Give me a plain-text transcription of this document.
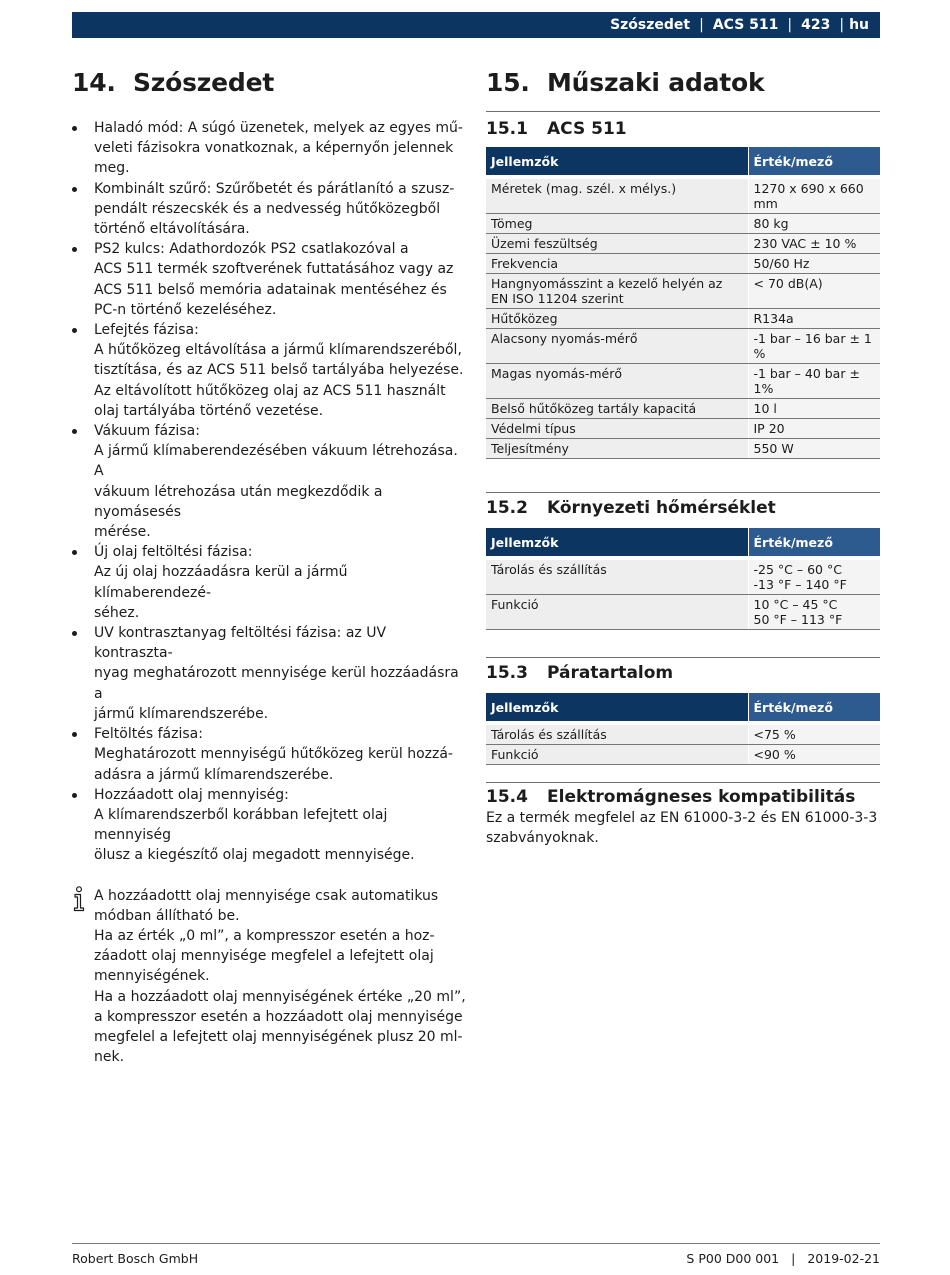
Szószedet | ACS 511 | 423 | hu
14. Szószedet
Haladó mód: A súgó üzenetek, melyek az egyes mű-
veleti fázisokra vonatkoznak, a képernyőn jelennek
meg.
Kombinált szűrő: Szűrőbetét és párátlanító a szusz-
pendált részecskék és a nedvesség hűtőközegből
történő eltávolítására.
PS2 kulcs: Adathordozók PS2 csatlakozóval a
ACS 511 termék szoftverének futtatásához vagy az
ACS 511 belső memória adatainak mentéséhez és
PC-n történő kezeléséhez.
Lefejtés fázisa:
A hűtőközeg eltávolítása a jármű klímarendszeréből,
tisztítása, és az ACS 511 belső tartályába helyezése.
Az eltávolított hűtőközeg olaj az ACS 511 használt
olaj tartályába történő vezetése.
Vákuum fázisa:
A jármű klímaberendezésében vákuum létrehozása. A
vákuum létrehozása után megkezdődik a nyomásesés
mérése.
Új olaj feltöltési fázisa:
Az új olaj hozzáadásra kerül a jármű klímaberendezé-
séhez.
UV kontrasztanyag feltöltési fázisa: az UV kontraszta-
nyag meghatározott mennyisége kerül hozzáadásra a
jármű klímarendszerébe.
Feltöltés fázisa:
Meghatározott mennyiségű hűtőközeg kerül hozzá-
adásra a jármű klímarendszerébe.
Hozzáadott olaj mennyiség:
A klímarendszerből korábban lefejtett olaj mennyiség
ölusz a kiegészítő olaj megadott mennyisége.

A hozzáadottt olaj mennyisége csak automatikus
módban állítható be.

Ha az érték „0 ml”, a kompresszor esetén a hoz-
záadott olaj mennyisége megfelel a lefejtett olaj
mennyiségének.

Ha a hozzáadott olaj mennyiségének értéke „20 ml”,
a kompresszor esetén a hozzáadott olaj mennyisége
megfelel a lefejtett olaj mennyiségének plusz 20 ml-
nek.

15. Műszaki adatok
15.1 ACS 511
Jellemzők	Érték/mező
Méretek (mag. szél. x mélys.)	1270 x 690 x 660 mm
Tömeg	80 kg
Üzemi feszültség	230 VAC ± 10 %
Frekvencia	50/60 Hz
Hangnyomásszint a kezelő helyén az EN ISO 11204 szerint	< 70 dB(A)
Hűtőközeg	R134a
Alacsony nyomás-mérő	-1 bar – 16 bar ± 1 %
Magas nyomás-mérő	-1 bar – 40 bar ± 1%
Belső hűtőközeg tartály kapacitá	10 l
Védelmi típus	IP 20
Teljesítmény	550 W
15.2 Környezeti hőmérséklet
Jellemzők	Érték/mező
Tárolás és szállítás	-25 °C – 60 °C
-13 °F – 140 °F
Funkció	10 °C – 45 °C
50 °F – 113 °F
15.3 Páratartalom
Jellemzők	Érték/mező
Tárolás és szállítás	<75 %
Funkció	<90 %
15.4 Elektromágneses kompatibilitás

Ez a termék megfelel az EN 61000-3-2 és EN 61000-3-3
szabványoknak.

Robert Bosch GmbH	S P00 D00 001 | 2019-02-21
